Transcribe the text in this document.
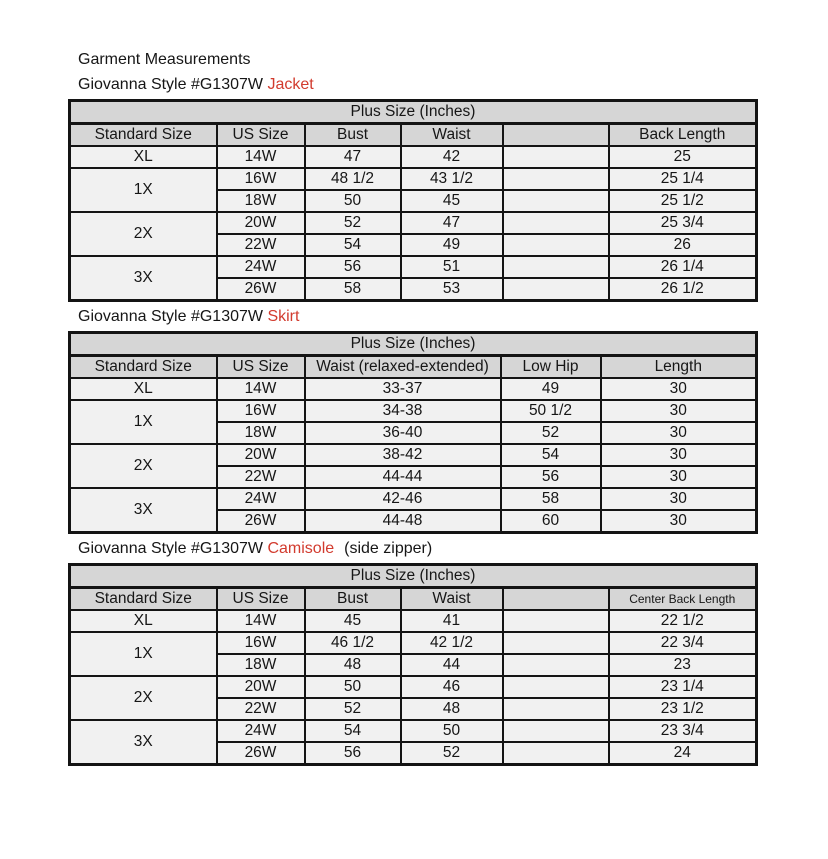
Garment Measurements
Giovanna Style #G1307W Jacket
Plus Size (Inches)					
Standard Size	US Size	Bust	Waist		Back Length
XL	14W	47	42		25
1X	16W	48 1/2	43 1/2		25 1/4
	18W	50	45		25 1/2
2X	20W	52	47		25 3/4
	22W	54	49		26
3X	24W	56	51		26 1/4
	26W	58	53		26 1/2
Giovanna Style #G1307W Skirt
Plus Size (Inches)				
Standard Size	US Size	Waist (relaxed-extended)	Low Hip	Length
XL	14W	33-37	49	30
1X	16W	34-38	50 1/2	30
	18W	36-40	52	30
2X	20W	38-42	54	30
	22W	44-44	56	30
3X	24W	42-46	58	30
	26W	44-48	60	30
Giovanna Style #G1307W Camisole (side zipper)
Plus Size (Inches)					
Standard Size	US Size	Bust	Waist		Center Back Length
XL	14W	45	41		22 1/2
1X	16W	46 1/2	42 1/2		22 3/4
	18W	48	44		23
2X	20W	50	46		23 1/4
	22W	52	48		23 1/2
3X	24W	54	50		23 3/4
	26W	56	52		24
